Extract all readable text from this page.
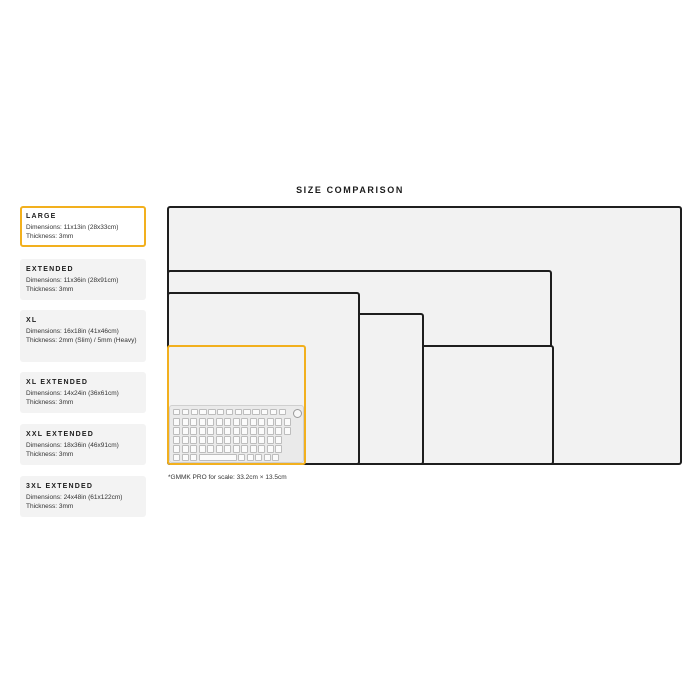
SIZE COMPARISON
LARGE
Dimensions: 11x13in (28x33cm)
Thickness: 3mm
EXTENDED
Dimensions: 11x36in (28x91cm)
Thickness: 3mm
XL
Dimensions: 16x18in (41x46cm)
Thickness: 2mm (Slim) / 5mm (Heavy)
XL EXTENDED
Dimensions: 14x24in (36x61cm)
Thickness: 3mm
XXL EXTENDED
Dimensions: 18x36in (46x91cm)
Thickness: 3mm
3XL EXTENDED
Dimensions: 24x48in (61x122cm)
Thickness: 3mm
*GMMK PRO for scale: 33.2cm × 13.5cm
